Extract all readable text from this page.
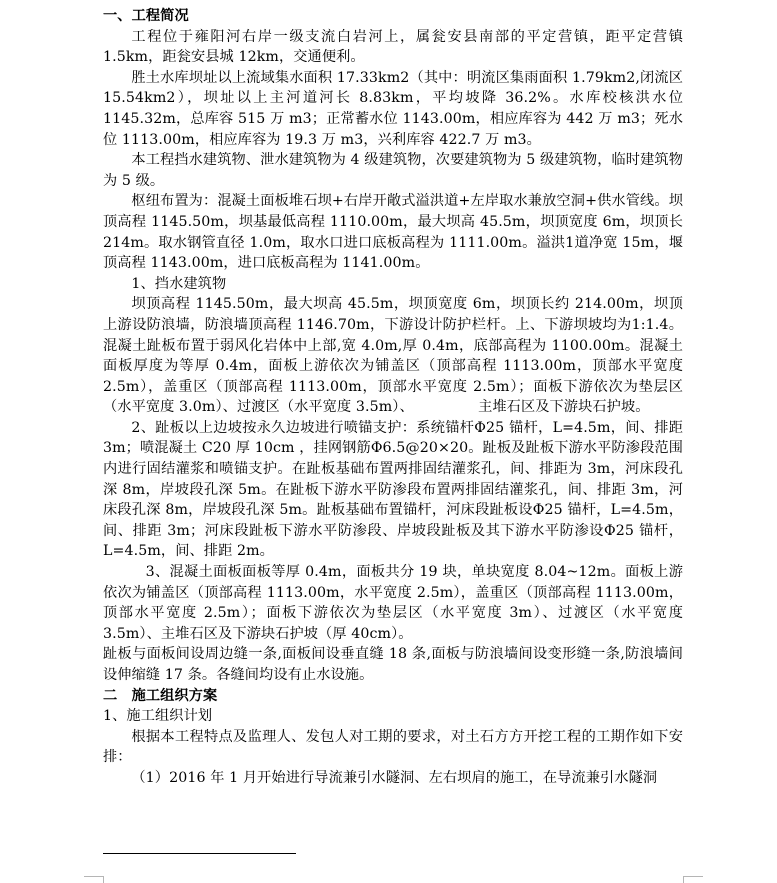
一、工程简况

工程位于雍阳河右岸一级支流白岩河上，属瓮安县南部的平定营镇，距平定营镇 1.5km，距瓮安县城 12km，交通便利。

胜土水库坝址以上流域集水面积 17.33km2（其中：明流区集雨面积 1.79km2,闭流区 15.54km2），坝址以上主河道河长 8.83km，平均坡降 36.2%。水库校核洪水位 1145.32m，总库容 515 万 m3；正常蓄水位 1143.00m，相应库容为 442 万 m3；死水位 1113.00m，相应库容为 19.3 万 m3，兴利库容 422.7 万 m3。

本工程挡水建筑物、泄水建筑物为 4 级建筑物，次要建筑物为 5 级建筑物，临时建筑物为 5 级。

枢纽布置为：混凝土面板堆石坝+右岸开敞式溢洪道+左岸取水兼放空洞+供水管线。坝顶高程 1145.50m，坝基最低高程 1110.00m，最大坝高 45.5m，坝顶宽度 6m，坝顶长 214m。取水钢管直径 1.0m，取水口进口底板高程为 1111.00m。溢洪1道净宽 15m，堰顶高程 1143.00m，进口底板高程为 1141.00m。

1、挡水建筑物

坝顶高程 1145.50m，最大坝高 45.5m，坝顶宽度 6m，坝顶长约 214.00m，坝顶上游设防浪墙，防浪墙顶高程 1146.70m，下游设计防护栏杆。上、下游坝坡均为1:1.4。混凝土趾板布置于弱风化岩体中上部,宽 4.0m,厚 0.4m，底部高程为 1100.00m。混凝土面板厚度为等厚 0.4m，面板上游依次为铺盖区（顶部高程 1113.00m，顶部水平宽度 2.5m），盖重区（顶部高程 1113.00m，顶部水平宽度 2.5m）；面板下游依次为垫层区（水平宽度 3.0m）、过渡区（水平宽度 3.5m）、　　　　　主堆石区及下游块石护坡。

2、趾板以上边坡按永久边坡进行喷锚支护：系统锚杆Φ25 锚杆，L=4.5m，间、排距 3m；喷混凝土 C20 厚 10cm ，挂网钢筋Φ6.5@20×20。趾板及趾板下游水平防渗段范围内进行固结灌浆和喷锚支护。在趾板基础布置两排固结灌浆孔，间、排距为 3m，河床段孔深 8m，岸坡段孔深 5m。在趾板下游水平防渗段布置两排固结灌浆孔，间、排距 3m，河床段孔深 8m，岸坡段孔深 5m。趾板基础布置锚杆，河床段趾板设Φ25 锚杆，L=4.5m，间、排距 3m；河床段趾板下游水平防渗段、岸坡段趾板及其下游水平防渗设Φ25 锚杆，L=4.5m，间、排距 2m。

3、混凝土面板面板等厚 0.4m，面板共分 19 块，单块宽度 8.04~12m。面板上游依次为铺盖区（顶部高程 1113.00m，水平宽度 2.5m），盖重区（顶部高程 1113.00m，顶部水平宽度 2.5m）；面板下游依次为垫层区（水平宽度 3m）、过渡区（水平宽度 3.5m）、主堆石区及下游块石护坡（厚 40cm）。

趾板与面板间设周边缝一条,面板间设垂直缝 18 条,面板与防浪墙间设变形缝一条,防浪墙间设伸缩缝 17 条。各缝间均设有止水设施。

二　施工组织方案

1、施工组织计划

根据本工程特点及监理人、发包人对工期的要求，对土石方方开挖工程的工期作如下安排：

（1）2016 年 1 月开始进行导流兼引水隧洞、左右坝肩的施工，在导流兼引水隧洞
